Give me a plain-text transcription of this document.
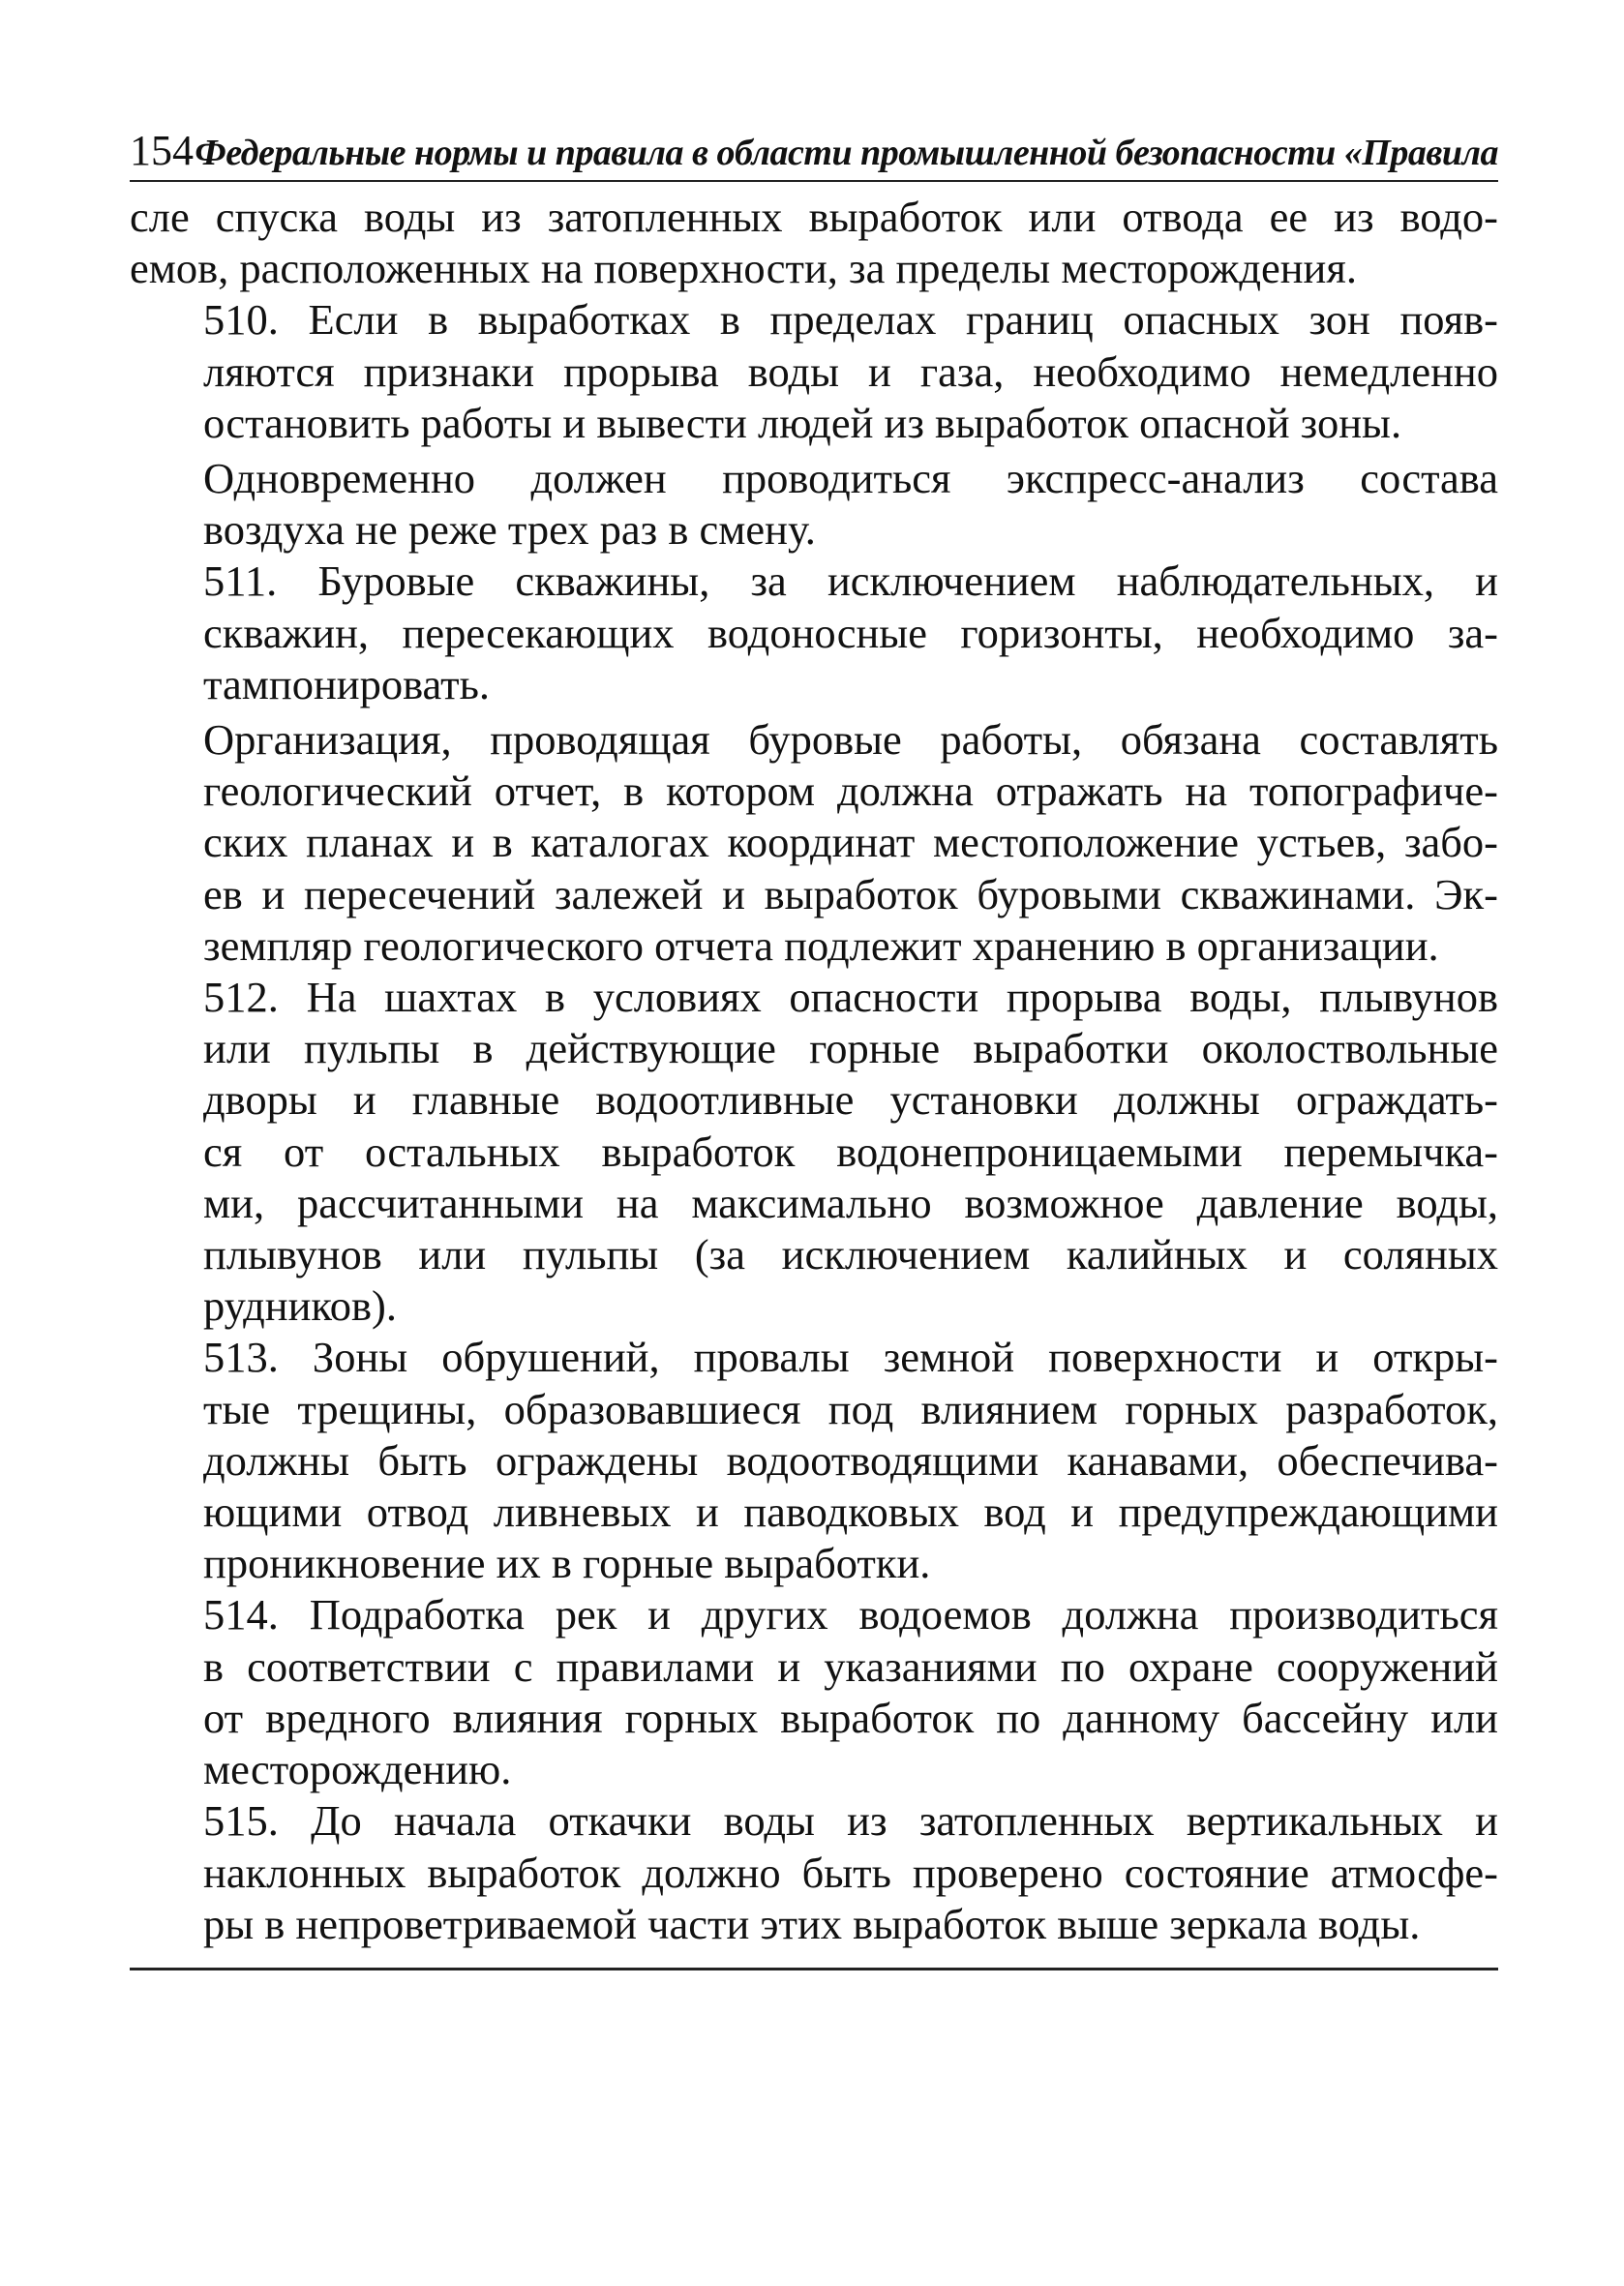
154 Федеральные нормы и правила в области промышленной безопасности «Правила

сле спуска воды из затопленных выработок или отвода ее из водо-
емов, расположенных на поверхности, за пределы месторождения.

510. Если в выработках в пределах границ опасных зон появ-
ляются признаки прорыва воды и газа, необходимо немедленно
остановить работы и вывести людей из выработок опасной зоны.

Одновременно должен проводиться экспресс-анализ состава
воздуха не реже трех раз в смену.

511. Буровые скважины, за исключением наблюдательных, и
скважин, пересекающих водоносные горизонты, необходимо за-
тампонировать.

Организация, проводящая буровые работы, обязана составлять
геологический отчет, в котором должна отражать на топографиче-
ских планах и в каталогах координат местоположение устьев, забо-
ев и пересечений залежей и выработок буровыми скважинами. Эк-
земпляр геологического отчета подлежит хранению в организации.

512. На шахтах в условиях опасности прорыва воды, плывунов
или пульпы в действующие горные выработки околоствольные
дворы и главные водоотливные установки должны ограждать-
ся от остальных выработок водонепроницаемыми перемычка-
ми, рассчитанными на максимально возможное давление воды,
плывунов или пульпы (за исключением калийных и соляных
рудников).

513. Зоны обрушений, провалы земной поверхности и откры-
тые трещины, образовавшиеся под влиянием горных разработок,
должны быть ограждены водоотводящими канавами, обеспечива-
ющими отвод ливневых и паводковых вод и предупреждающими
проникновение их в горные выработки.

514. Подработка рек и других водоемов должна производиться
в соответствии с правилами и указаниями по охране сооружений
от вредного влияния горных выработок по данному бассейну или
месторождению.

515. До начала откачки воды из затопленных вертикальных и
наклонных выработок должно быть проверено состояние атмосфе-
ры в непроветриваемой части этих выработок выше зеркала воды.
